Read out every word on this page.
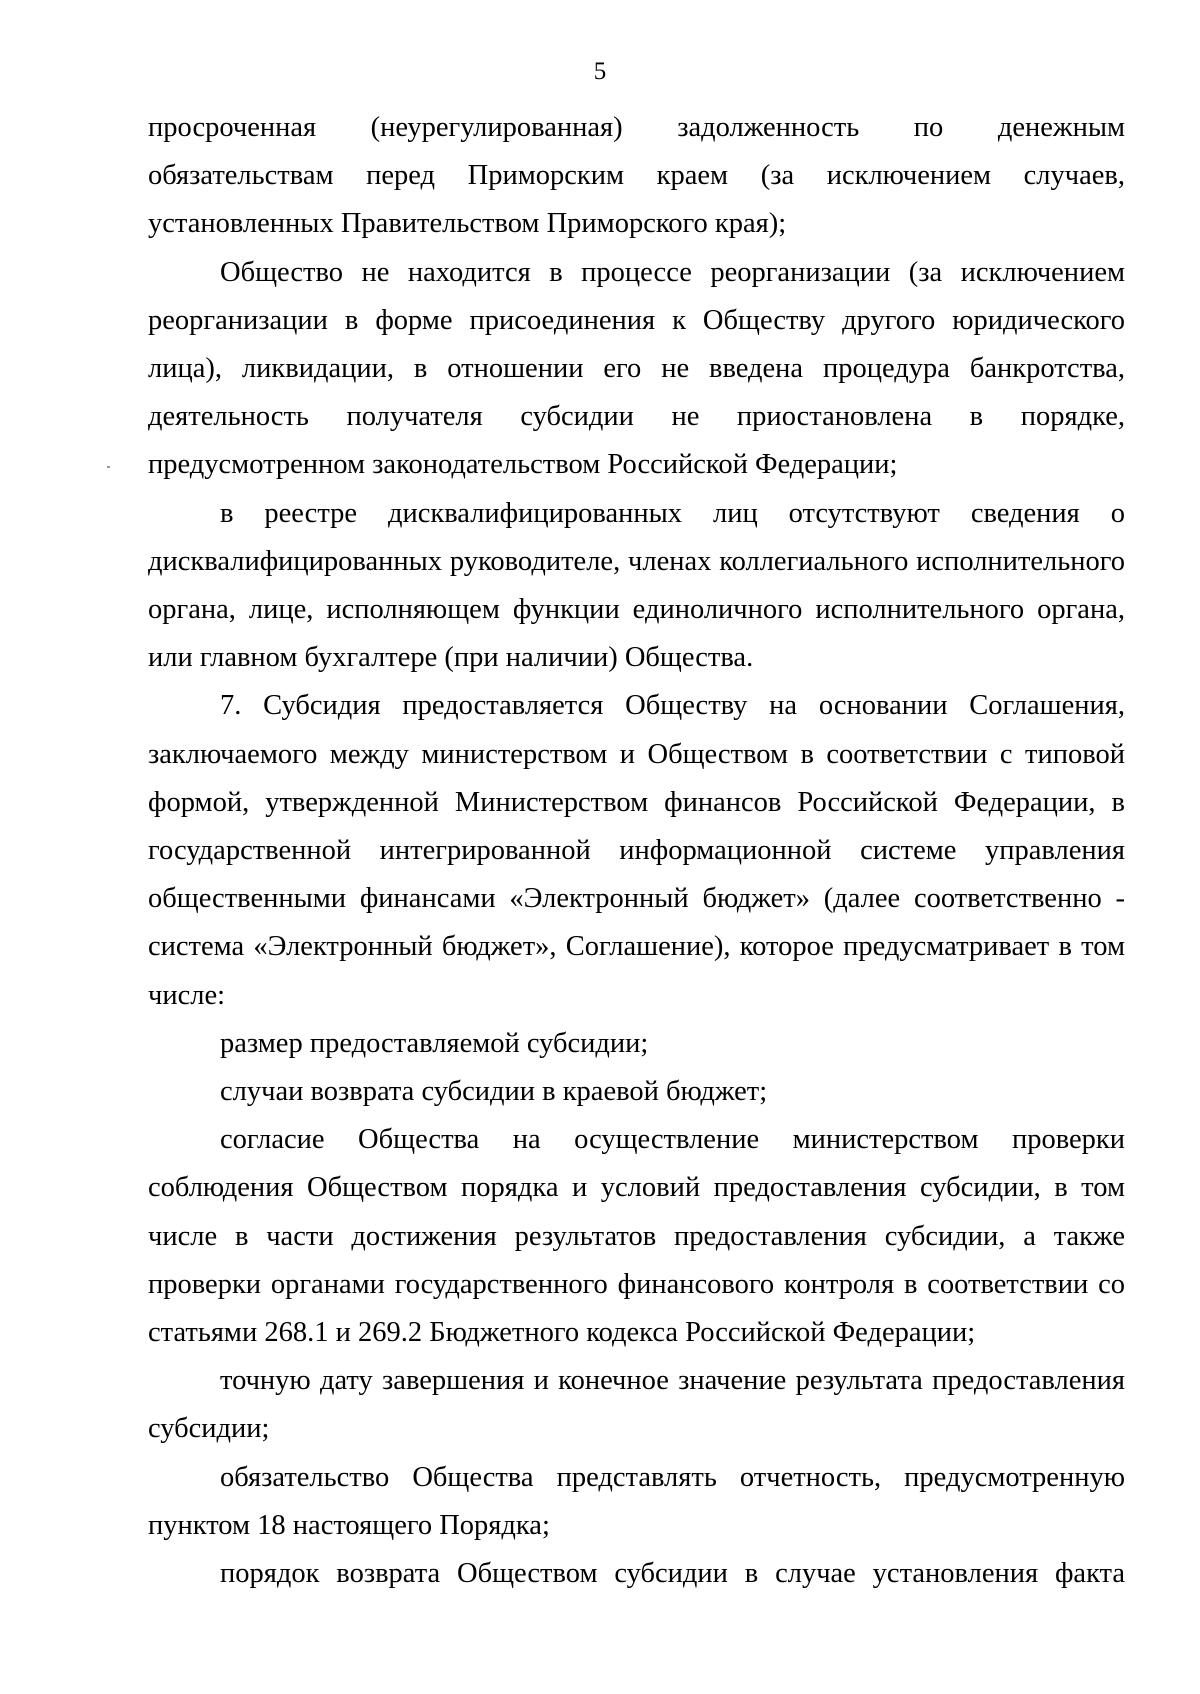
5

просроченная (неурегулированная) задолженность по денежным обязательствам перед Приморским краем (за исключением случаев, установленных Правительством Приморского края);

Общество не находится в процессе реорганизации (за исключением реорганизации в форме присоединения к Обществу другого юридического лица), ликвидации, в отношении его не введена процедура банкротства, деятельность получателя субсидии не приостановлена в порядке, предусмотренном законодательством Российской Федерации;

в реестре дисквалифицированных лиц отсутствуют сведения о дисквалифицированных руководителе, членах коллегиального исполнительного органа, лице, исполняющем функции единоличного исполнительного органа, или главном бухгалтере (при наличии) Общества.

7. Субсидия предоставляется Обществу на основании Соглашения, заключаемого между министерством и Обществом в соответствии с типовой формой, утвержденной Министерством финансов Российской Федерации, в государственной интегрированной информационной системе управления общественными финансами «Электронный бюджет» (далее соответственно - система «Электронный бюджет», Соглашение), которое предусматривает в том числе:

размер предоставляемой субсидии;

случаи возврата субсидии в краевой бюджет;

согласие Общества на осуществление министерством проверки соблюдения Обществом порядка и условий предоставления субсидии, в том числе в части достижения результатов предоставления субсидии, а также проверки органами государственного финансового контроля в соответствии со статьями 268.1 и 269.2 Бюджетного кодекса Российской Федерации;

точную дату завершения и конечное значение результата предоставления субсидии;

обязательство Общества представлять отчетность, предусмотренную пунктом 18 настоящего Порядка;

порядок возврата Обществом субсидии в случае установления факта
